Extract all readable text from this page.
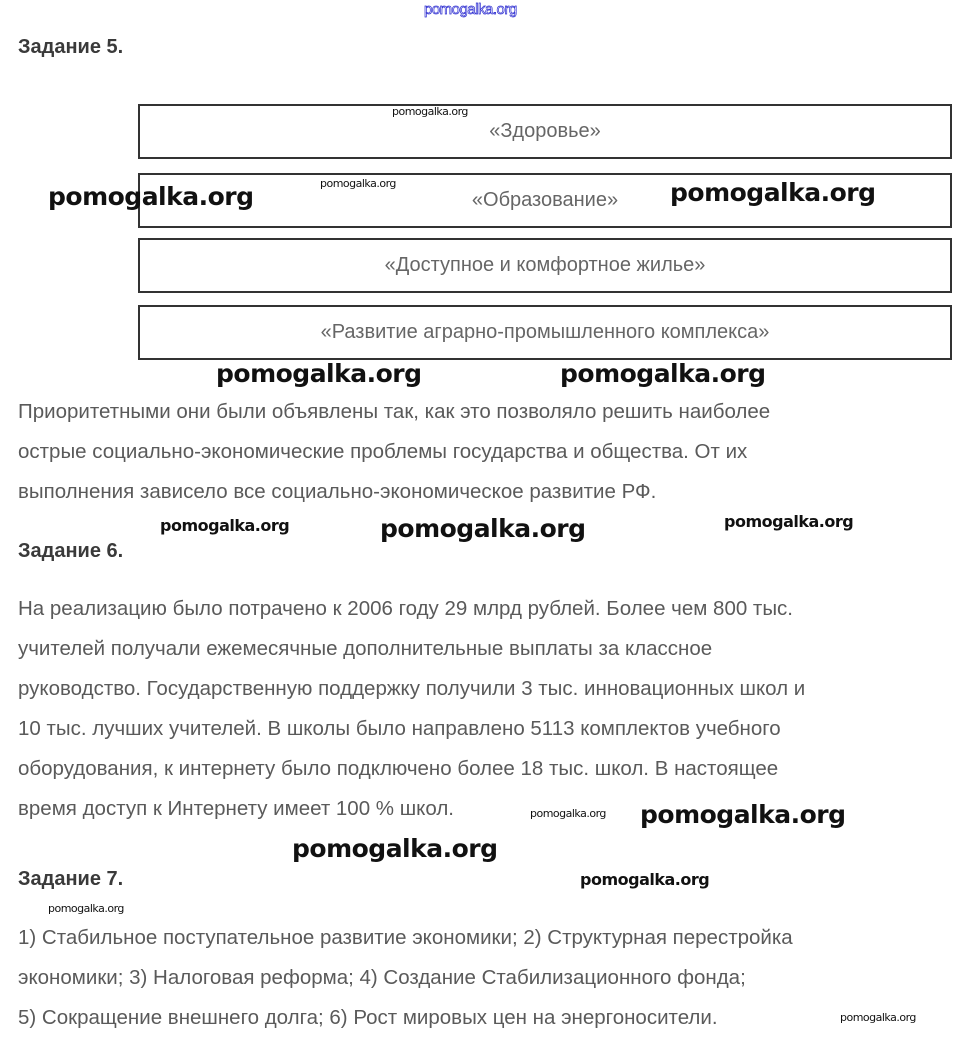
pomogalka.org
Задание 5.
«Здоровье»
«Образование»
«Доступное и комфортное жилье»
«Развитие аграрно-промышленного комплекса»
Приоритетными они были объявлены так, как это позволяло решить наиболее
острые социально-экономические проблемы государства и общества. От их
выполнения зависело все социально-экономическое развитие РФ.
Задание 6.
На реализацию было потрачено к 2006 году 29 млрд рублей. Более чем 800 тыс.
учителей получали ежемесячные дополнительные выплаты за классное
руководство. Государственную поддержку получили 3 тыс. инновационных школ и
10 тыс. лучших учителей. В школы было направлено 5113 комплектов учебного
оборудования, к интернету было подключено более 18 тыс. школ. В настоящее
время доступ к Интернету имеет 100 % школ.
Задание 7.
1) Стабильное поступательное развитие экономики; 2) Структурная перестройка
экономики; 3) Налоговая реформа; 4) Создание Стабилизационного фонда;
5) Сокращение внешнего долга; 6) Рост мировых цен на энергоносители.
pomogalka.org
pomogalka.org
pomogalka.org	pomogalka.org
pomogalka.org	pomogalka.org
pomogalka.org	pomogalka.org	pomogalka.org
pomogalka.org
pomogalka.org pomogalka.org
pomogalka.org
pomogalka.org
pomogalka.org
